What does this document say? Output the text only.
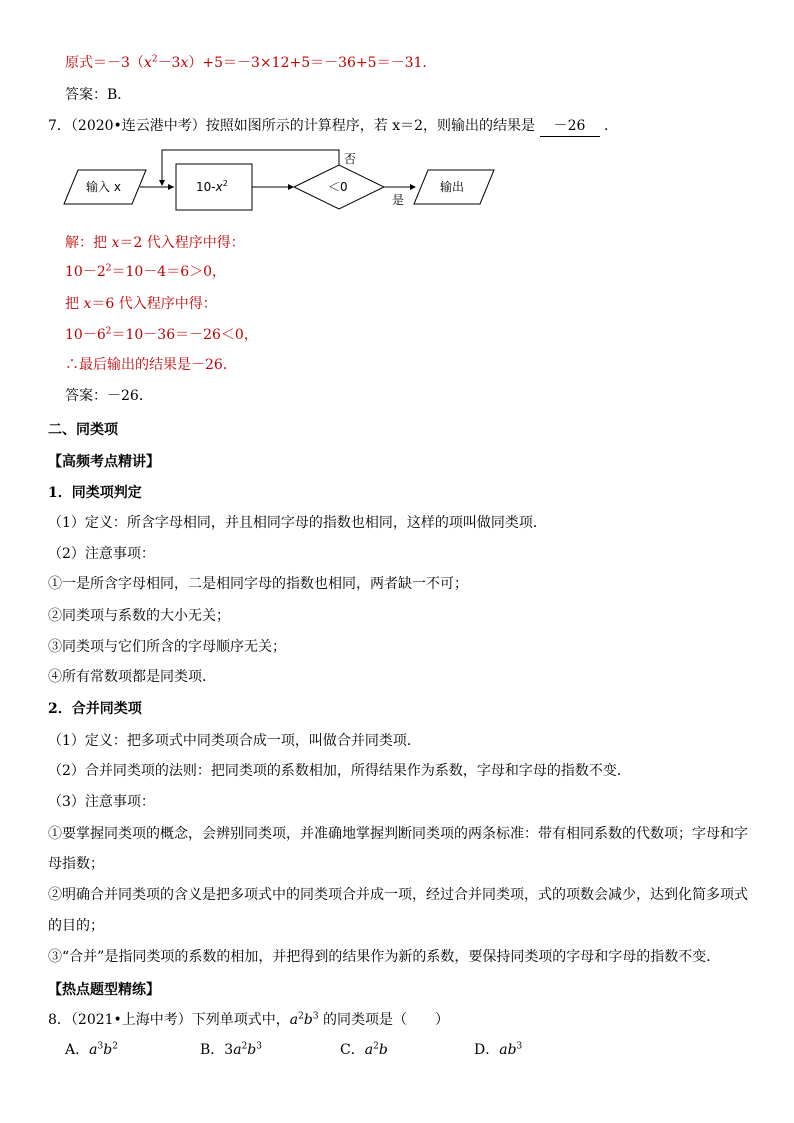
原式$=-3(x^2-3x)+5=-3\times 12+5=-36+5=-31$．
答案：B．
7．（2020•连云港中考）按照如图所示的计算程序，若 x＝2，则输出的结果是 －26 ．
输入 x	$10-x^2$	＜0
否
是
输出
解：把 x＝2 代入程序中得：
$10-2^2=10-4=6>0$，
把 x＝6 代入程序中得：
$10-6^2=10-36=-26<0$，
∴最后输出的结果是－26．
答案：－26．
二、同类项
【高频考点精讲】
1．同类项判定
（1）定义：所含字母相同，并且相同字母的指数也相同，这样的项叫做同类项．
（2）注意事项：
①一是所含字母相同，二是相同字母的指数也相同，两者缺一不可；
②同类项与系数的大小无关；
③同类项与它们所含的字母顺序无关；
④所有常数项都是同类项．
2．合并同类项
（1）定义：把多项式中同类项合成一项，叫做合并同类项．
（2）合并同类项的法则：把同类项的系数相加，所得结果作为系数，字母和字母的指数不变．
（3）注意事项：
①要掌握同类项的概念，会辨别同类项，并准确地掌握判断同类项的两条标准：带有相同系数的代数项；字母和字
母指数；
②明确合并同类项的含义是把多项式中的同类项合并成一项，经过合并同类项，式的项数会减少，达到化简多项式
的目的；
③“合并”是指同类项的系数的相加，并把得到的结果作为新的系数，要保持同类项的字母和字母的指数不变．
【热点题型精练】
8．（2021•上海中考）下列单项式中，$a^2b^3$ 的同类项是（　　）
A．$a^3b^2$	B．$3a^2b^3$	C．$a^2b$	D．$ab^3$
